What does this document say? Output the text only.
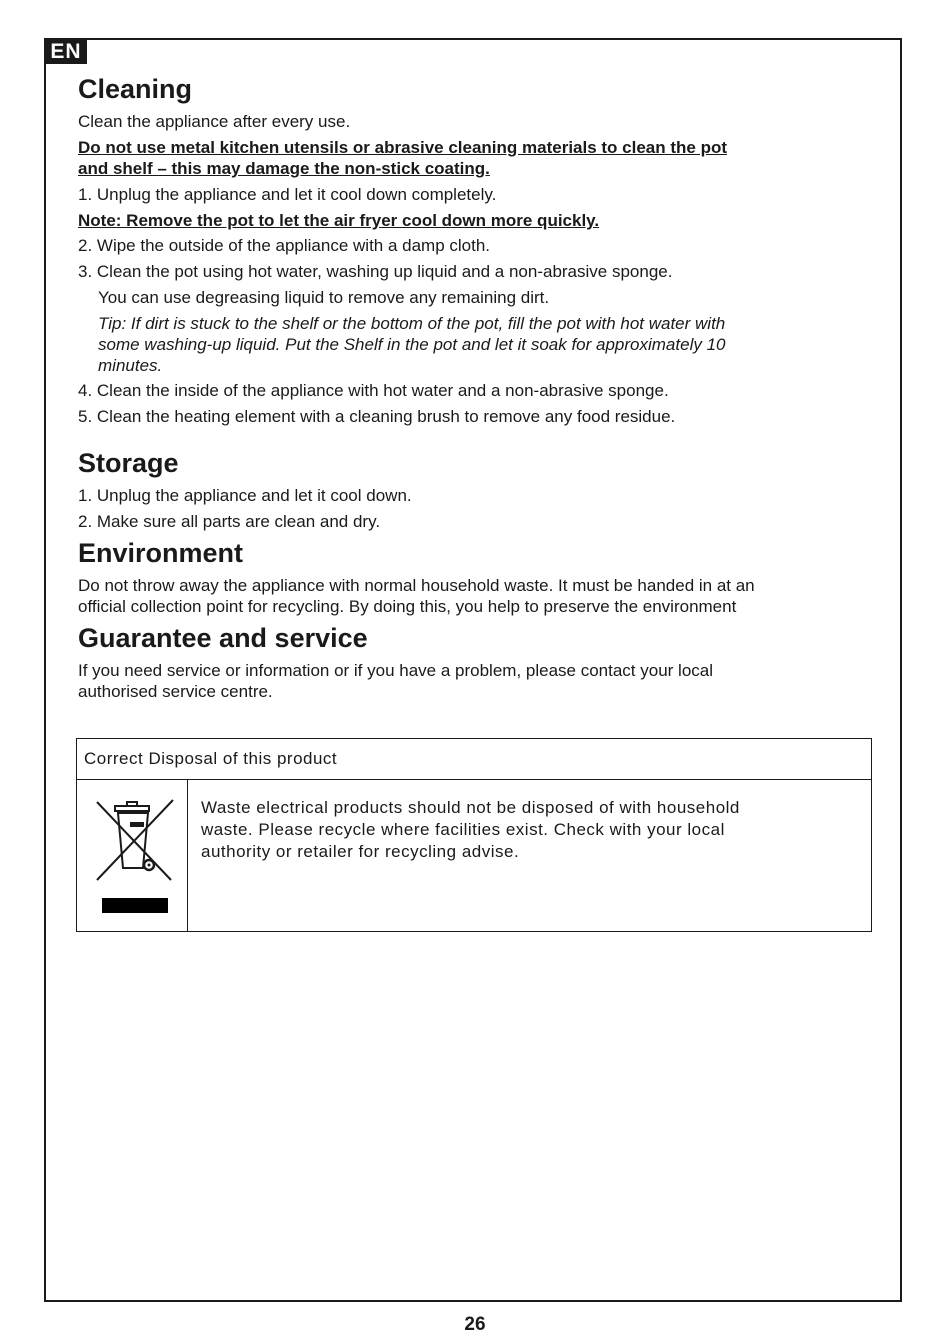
EN
Cleaning

Clean the appliance after every use.

Do not use metal kitchen utensils or abrasive cleaning materials to clean the pot

and shelf – this may damage the non-stick coating.

1. Unplug the appliance and let it cool down completely.

Note: Remove the pot to let the air fryer cool down more quickly.

2. Wipe the outside of the appliance with a damp cloth.

3. Clean the pot using hot water, washing up liquid and a non-abrasive sponge.

You can use degreasing liquid to remove any remaining dirt.

Tip: If dirt is stuck to the shelf or the bottom of the pot, fill the pot with hot water with

some washing-up liquid. Put the Shelf in the pot and let it soak for approximately 10

minutes.

4. Clean the inside of the appliance with hot water and a non-abrasive sponge.

5. Clean the heating element with a cleaning brush to remove any food residue.

Storage

1. Unplug the appliance and let it cool down.

2. Make sure all parts are clean and dry.

Environment

Do not throw away the appliance with normal household waste. It must be handed in at an

official collection point for recycling. By doing this, you help to preserve the environment

Guarantee and service

If you need service or information or if you have a problem, please contact your local

authorised service centre.

Correct Disposal of this product
Waste electrical products should not be disposed of with household
waste. Please recycle where facilities exist. Check with your local
authority or retailer for recycling advise.
26
